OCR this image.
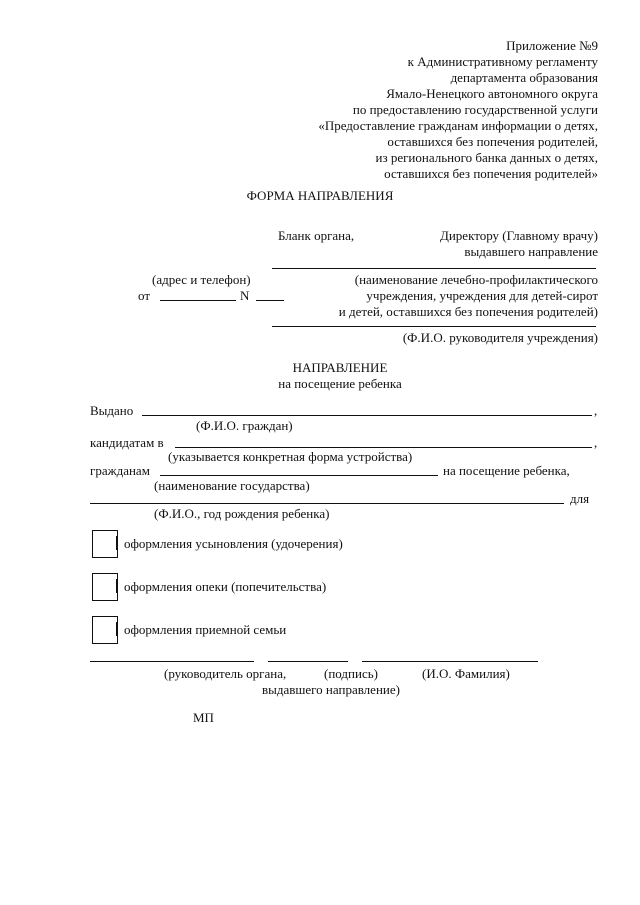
Приложение №9
к Административному регламенту
департамента образования
Ямало-Ненецкого автономного округа
по предоставлению государственной услуги
«Предоставление гражданам информации о детях,
оставшихся без попечения родителей,
из регионального банка данных о детях,
оставшихся без попечения родителей»
ФОРМА НАПРАВЛЕНИЯ
Бланк органа,	Директору (Главному врачу)
выдавшего направление
(адрес и телефон)	(наименование лечебно-профилактического
от	N	учреждения, учреждения для детей-сирот
и детей, оставшихся без попечения родителей)
(Ф.И.О. руководителя учреждения)
НАПРАВЛЕНИЕ
на посещение ребенка
Выдано	,
(Ф.И.О. граждан)
кандидатам в	,
(указывается конкретная форма устройства)
гражданам	на посещение ребенка,
(наименование государства)
для
(Ф.И.О., год рождения ребенка)
оформления усыновления (удочерения)
оформления опеки (попечительства)
оформления приемной семьи
(руководитель органа,	(подпись)	(И.О. Фамилия)
выдавшего направление)
МП
